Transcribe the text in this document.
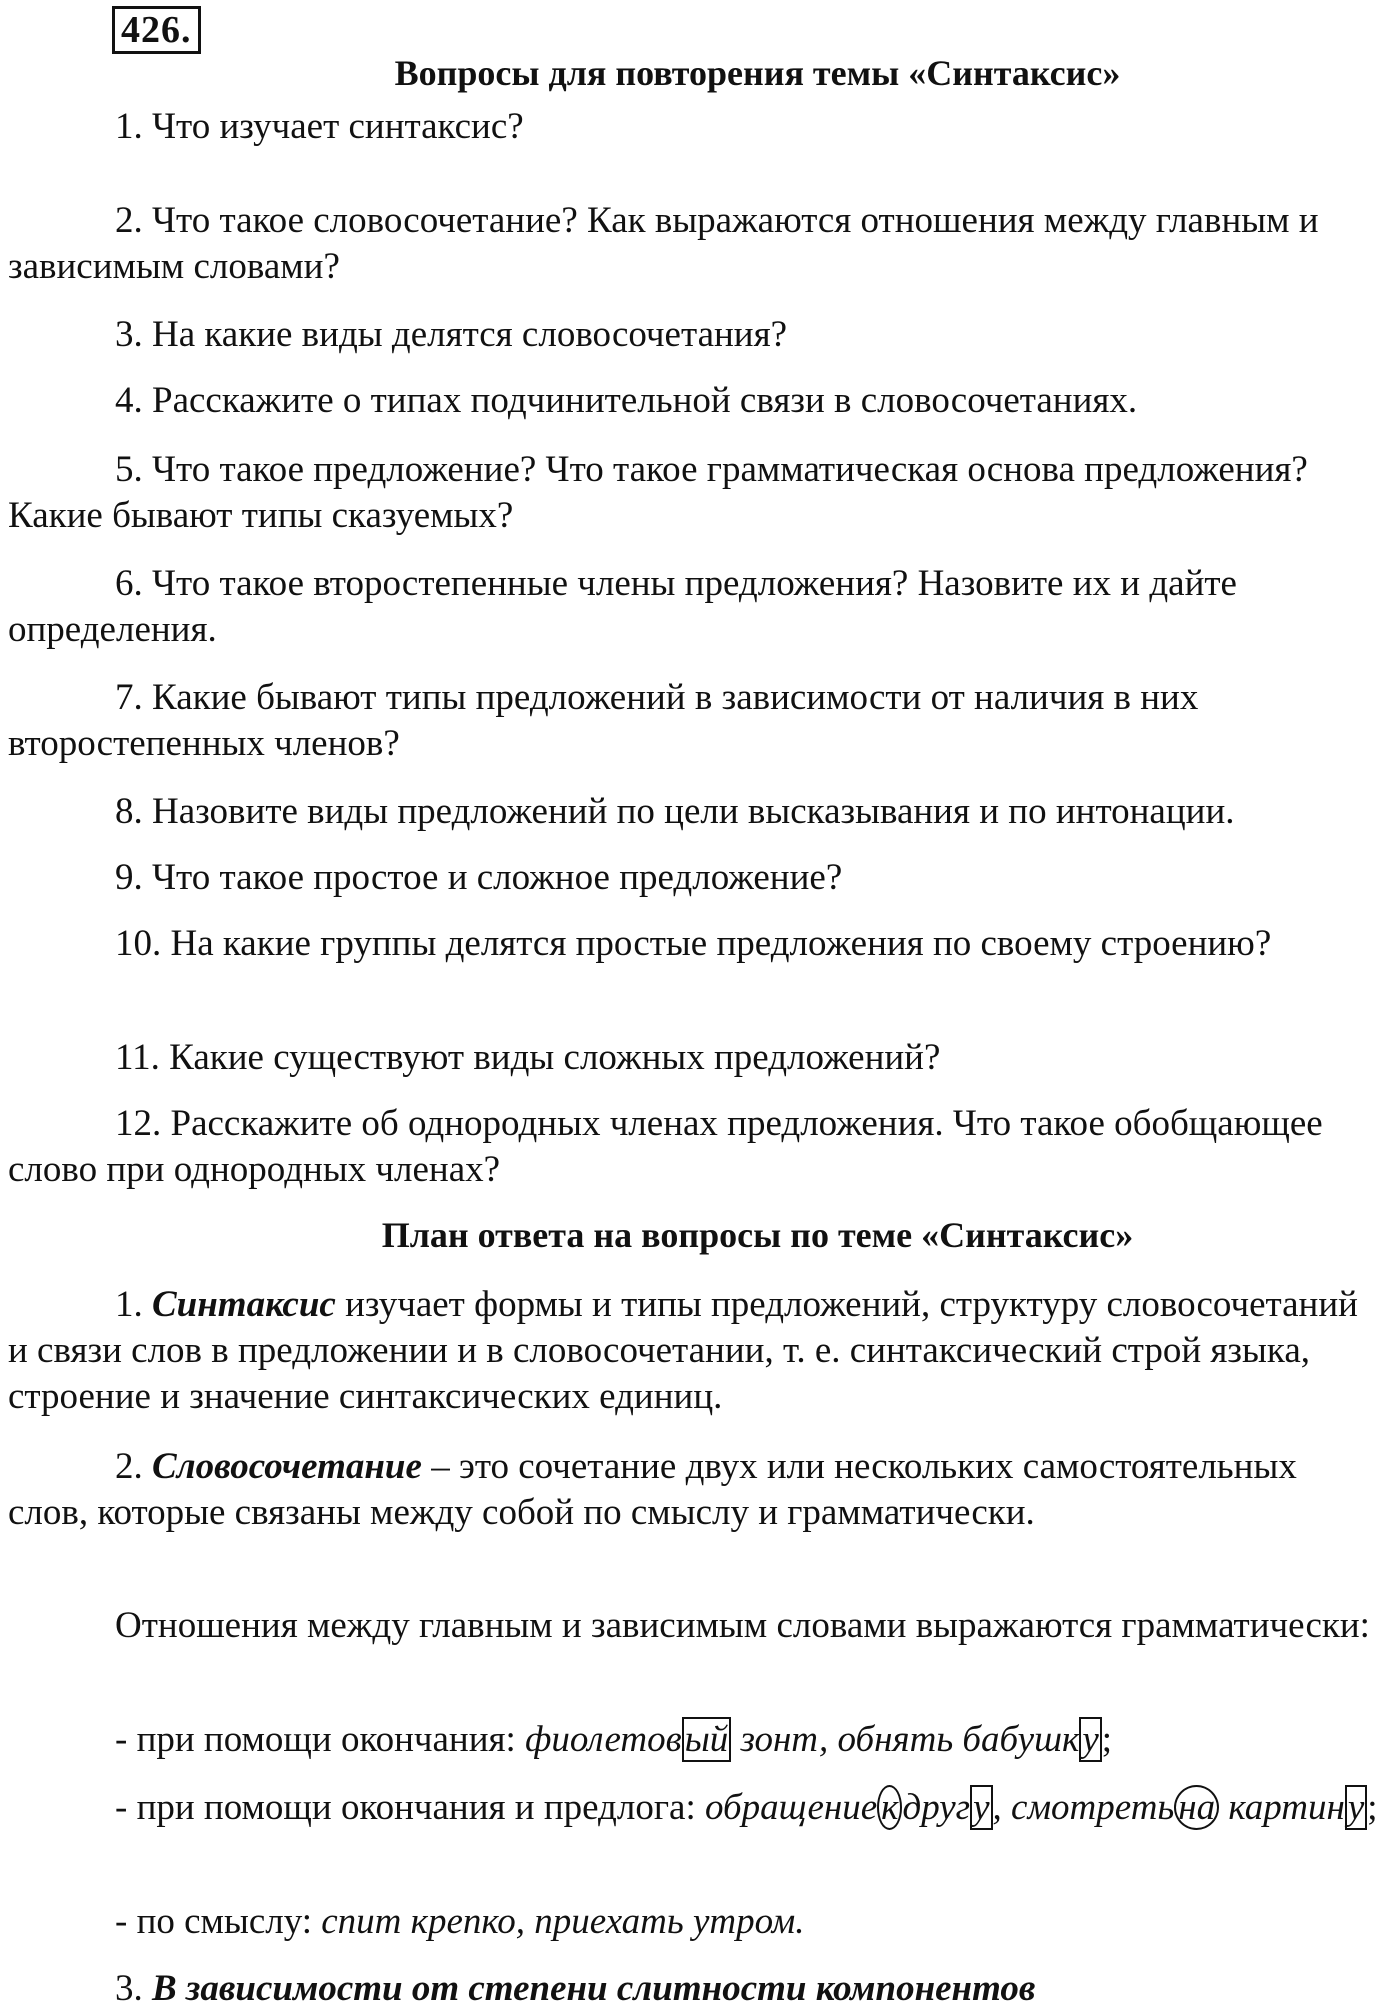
426.
Вопросы для повторения темы «Синтаксис»

1. Что изучает синтаксис?

2. Что такое словосочетание? Как выражаются отношения между главным и зависимым словами?

3. На какие виды делятся словосочетания?

4. Расскажите о типах подчинительной связи в словосочетаниях.

5. Что такое предложение? Что такое грамматическая основа предложения? Какие бывают типы сказуемых?

6. Что такое второстепенные члены предложения? Назовите их и дайте определения.

7. Какие бывают типы предложений в зависимости от наличия в них второстепенных членов?

8. Назовите виды предложений по цели высказывания и по интонации.

9. Что такое простое и сложное предложение?

10. На какие группы делятся простые предложения по своему строению?

11. Какие существуют виды сложных предложений?

12. Расскажите об однородных членах предложения. Что такое обобщающее слово при однородных членах?

План ответа на вопросы по теме «Синтаксис»

1. Синтаксис изучает формы и типы предложений, структуру словосочетаний и связи слов в предложении и в словосочетании, т. е. синтаксический строй языка, строение и значение синтаксических единиц.

2. Словосочетание – это сочетание двух или нескольких самостоятельных слов, которые связаны между собой по смыслу и грамматически.

Отношения между главным и зависимым словами выражаются грамматически:

- при помощи окончания: фиолетовый зонт, обнять бабушку;

- при помощи окончания и предлога: обращение к другу, смотреть на картину;

- по смыслу: спит крепко, приехать утром.

3. В зависимости от степени слитности компонентов
